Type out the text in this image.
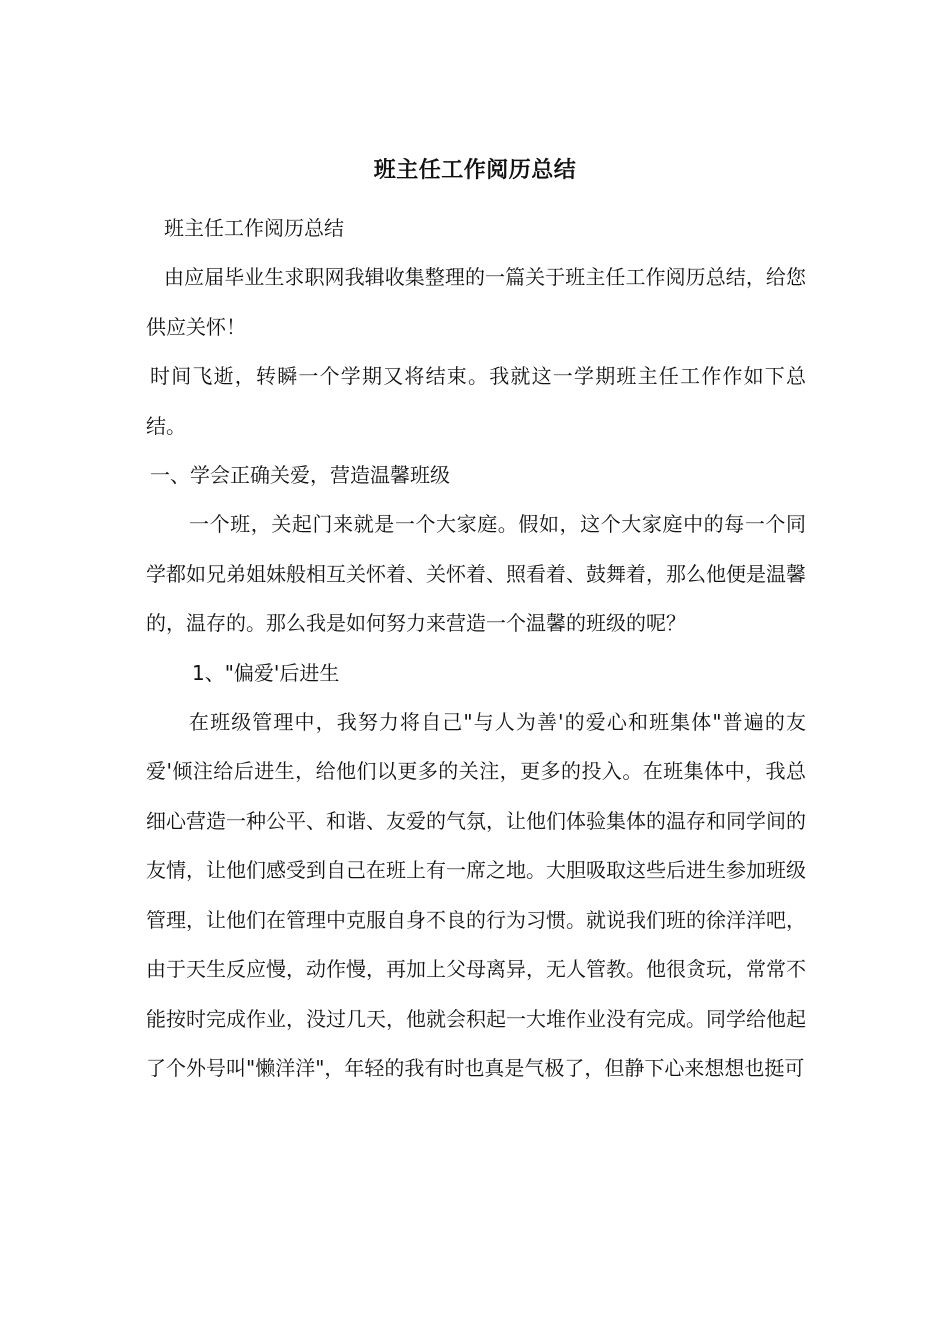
班主任工作阅历总结

班主任工作阅历总结

由应届毕业生求职网我辑收集整理的一篇关于班主任工作阅历总结，给您供应关怀！

时间飞逝，转瞬一个学期又将结束。我就这一学期班主任工作作如下总结。

一、学会正确关爱，营造温馨班级

一个班，关起门来就是一个大家庭。假如，这个大家庭中的每一个同学都如兄弟姐妹般相互关怀着、关怀着、照看着、鼓舞着，那么他便是温馨的，温存的。那么我是如何努力来营造一个温馨的班级的呢？

1、"偏爱'后进生

在班级管理中，我努力将自己"与人为善'的爱心和班集体"普遍的友爱'倾注给后进生，给他们以更多的关注，更多的投入。在班集体中，我总细心营造一种公平、和谐、友爱的气氛，让他们体验集体的温存和同学间的友情，让他们感受到自己在班上有一席之地。大胆吸取这些后进生参加班级管理，让他们在管理中克服自身不良的行为习惯。就说我们班的徐洋洋吧，由于天生反应慢，动作慢，再加上父母离异，无人管教。他很贪玩，常常不能按时完成作业，没过几天，他就会积起一大堆作业没有完成。同学给他起了个外号叫"懒洋洋"，年轻的我有时也真是气极了，但静下心来想想也挺可
